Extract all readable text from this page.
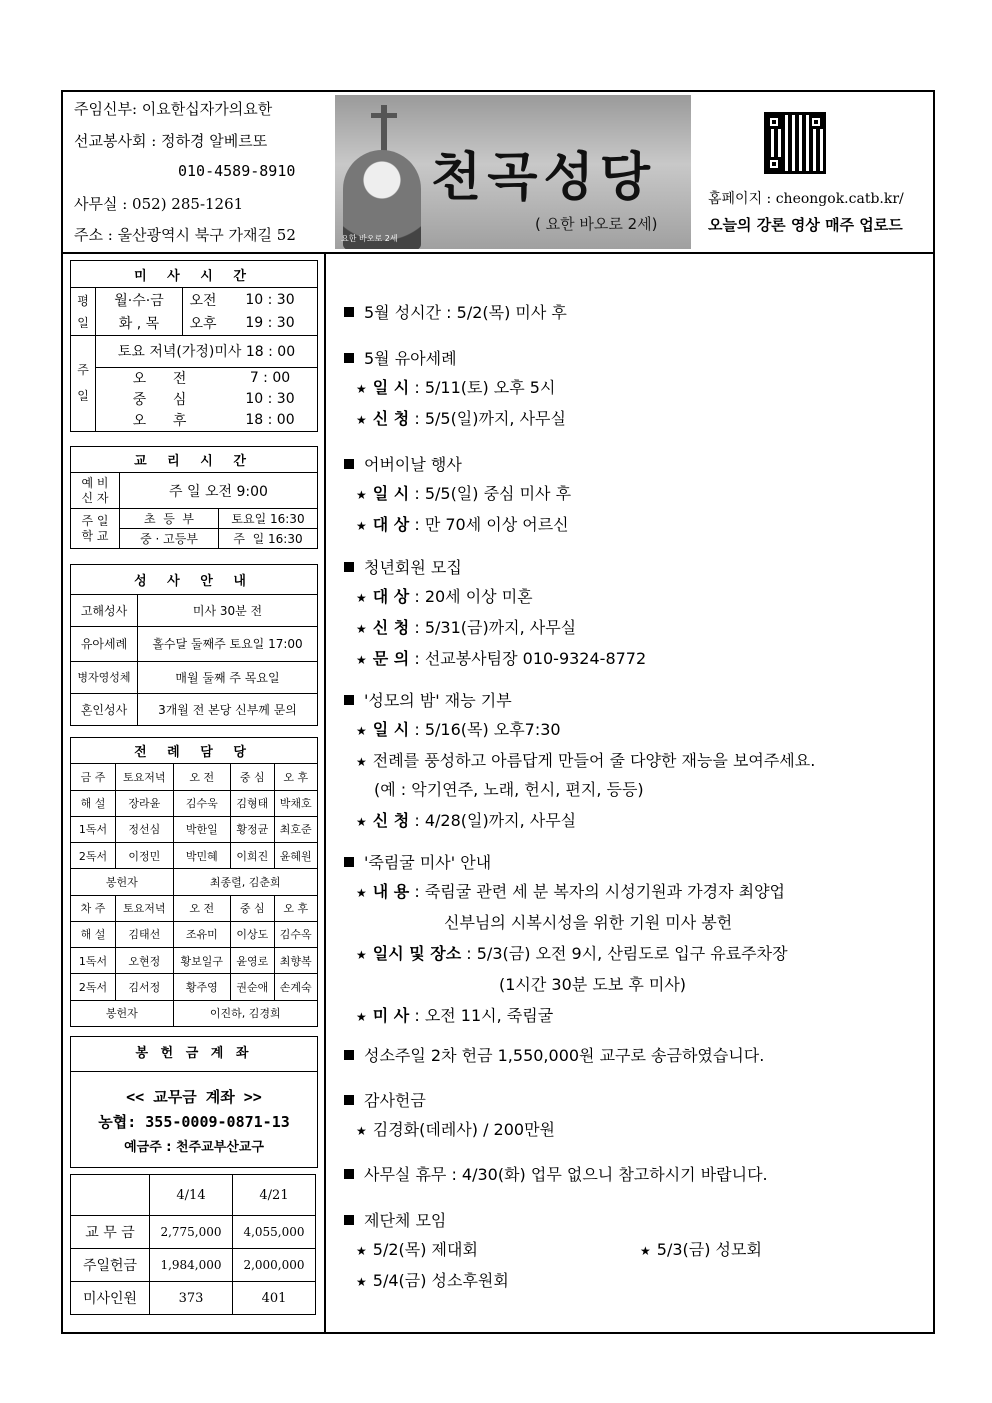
주임신부: 이요한십자가의요한
선교봉사회 : 정하경 알베르또
010-4589-8910
사무실 : 052) 285-1261
주소 : 울산광역시 북구 가재길 52
천곡성당
( 요한 바오로 2세)
요한 바오로 2세
홈페이지 : cheongok.catb.kr/
오늘의 강론 영상 매주 업로드
미 사 시 간			
평
일	월·수·금	오전	10 : 30
	화 , 목	오후	19 : 30
주
일	토요 저녁(가정)미사 18 : 00		
	오      전		7 : 00
	중      심		10 : 30
	오      후		18 : 00
교 리 시 간		
예 비
신 자	주 일 오전 9:00	
주 일
학 교	초  등  부	토요일 16:30
	중 · 고등부	주  일 16:30
성 사 안 내	
고해성사	미사 30분 전
유아세례	홀수달 둘째주 토요일 17:00
병자영성체	매월 둘째 주 목요일
혼인성사	3개월 전 본당 신부께 문의
전 례 담 당				
금 주	토요저녁	오 전	중 심	오 후
해 설	장라윤	김수욱	김형태	박채호
1독서	정선심	박한일	황정균	최호준
2독서	이정민	박민혜	이희진	윤혜원
봉헌자		최종렬, 김춘희		
차 주	토요저녁	오 전	중 심	오 후
해 설	김태선	조유미	이상도	김수옥
1독서	오현정	황보일구	윤영로	최향복
2독서	김서정	황주영	권순애	손계숙
봉헌자		이진하, 김경희		
봉 헌 금 계 좌
<< 교무금 계좌 >>
농협: 355-0009-0871-13
예금주 : 천주교부산교구
	4/14	4/21
교 무 금	2,775,000	4,055,000
주일헌금	1,984,000	2,000,000
미사인원	373	401
5월 성시간 : 5/2(목) 미사 후
5월 유아세례
★ 일 시 : 5/11(토) 오후 5시
★ 신 청 : 5/5(일)까지, 사무실
어버이날 행사
★ 일 시 : 5/5(일) 중심 미사 후
★ 대 상 : 만 70세 이상 어르신
청년회원 모집
★ 대 상 : 20세 이상 미혼
★ 신 청 : 5/31(금)까지, 사무실
★ 문 의 : 선교봉사팀장 010-9324-8772
'성모의 밤' 재능 기부
★ 일 시 : 5/16(목) 오후7:30
★ 전례를 풍성하고 아름답게 만들어 줄 다양한 재능을 보여주세요.
(예 : 악기연주, 노래, 헌시, 편지, 등등)
★ 신 청 : 4/28(일)까지, 사무실
'죽림굴 미사' 안내
★ 내 용 : 죽림굴 관련 세 분 복자의 시성기원과 가경자 최양업
신부님의 시복시성을 위한 기원 미사 봉헌
★ 일시 및 장소 : 5/3(금) 오전 9시, 산림도로 입구 유료주차장
(1시간 30분 도보 후 미사)
★ 미 사 : 오전 11시, 죽림굴
성소주일 2차 헌금 1,550,000원 교구로 송금하였습니다.
감사헌금
★ 김경화(데레사) / 200만원
사무실 휴무 : 4/30(화) 업무 없으니 참고하시기 바랍니다.
제단체 모임
★ 5/2(목) 제대회	★ 5/3(금) 성모회
★ 5/4(금) 성소후원회
